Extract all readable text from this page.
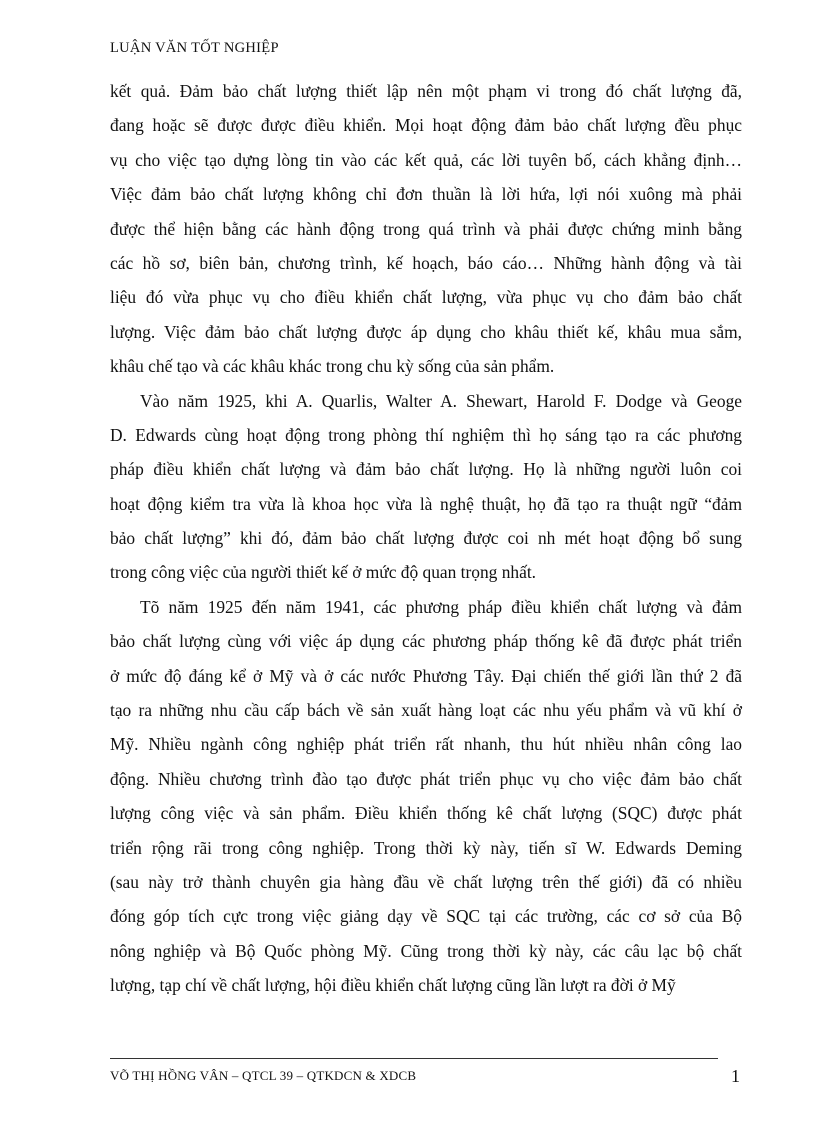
LUẬN VĂN TỐT NGHIỆP
kết quả. Đảm bảo chất lượng thiết lập nên một phạm vi trong đó chất lượng đã,
đang hoặc sẽ được được điều khiển. Mọi hoạt động đảm bảo chất lượng đều phục
vụ cho việc tạo dựng lòng tin vào các kết quả, các lời tuyên bố, cách khẳng định…
Việc đảm bảo chất lượng không chỉ đơn thuần là lời hứa, lợi nói xuông mà phải
được thể hiện bằng các hành động trong quá trình và phải được chứng minh bằng
các hồ sơ, biên bản, chương trình, kế hoạch, báo cáo… Những hành động và tài
liệu đó vừa phục vụ cho điều khiển chất lượng, vừa phục vụ cho đảm bảo chất
lượng. Việc đảm bảo chất lượng được áp dụng cho khâu thiết kế, khâu mua sắm,
khâu chế tạo và các khâu khác trong chu kỳ sống của sản phẩm.
Vào năm 1925, khi A. Quarlis, Walter A. Shewart, Harold F. Dodge và Geoge
D. Edwards cùng hoạt động trong phòng thí nghiệm thì họ sáng tạo ra các phương
pháp điều khiển chất lượng và đảm bảo chất lượng. Họ là những người luôn coi
hoạt động kiểm tra vừa là khoa học vừa là nghệ thuật, họ đã tạo ra thuật ngữ “đảm
bảo chất lượng” khi đó, đảm bảo chất lượng được coi nh mét hoạt động bổ sung
trong công việc của người thiết kế ở mức độ quan trọng nhất.
Tõ năm 1925 đến năm 1941, các phương pháp điều khiển chất lượng và đảm
bảo chất lượng cùng với việc áp dụng các phương pháp thống kê đã được phát triển
ở mức độ đáng kể ở Mỹ và ở các nước Phương Tây. Đại chiến thế giới lần thứ 2 đã
tạo ra những nhu cầu cấp bách về sản xuất hàng loạt các nhu yếu phẩm và vũ khí ở
Mỹ. Nhiều ngành công nghiệp phát triển rất nhanh, thu hút nhiều nhân công lao
động. Nhiều chương trình đào tạo được phát triển phục vụ cho việc đảm bảo chất
lượng công việc và sản phẩm. Điều khiển thống kê chất lượng (SQC) được phát
triển rộng rãi trong công nghiệp. Trong thời kỳ này, tiến sĩ W. Edwards Deming
(sau này trở thành chuyên gia hàng đầu về chất lượng trên thế giới) đã có nhiều
đóng góp tích cực trong việc giảng dạy về SQC tại các trường, các cơ sở của Bộ
nông nghiệp và Bộ Quốc phòng Mỹ. Cũng trong thời kỳ này, các câu lạc bộ chất
lượng, tạp chí về chất lượng, hội điều khiển chất lượng cũng lần lượt ra đời ở Mỹ
VÕ THỊ HỒNG VÂN – QTCL 39 – QTKDCN & XDCB	1
